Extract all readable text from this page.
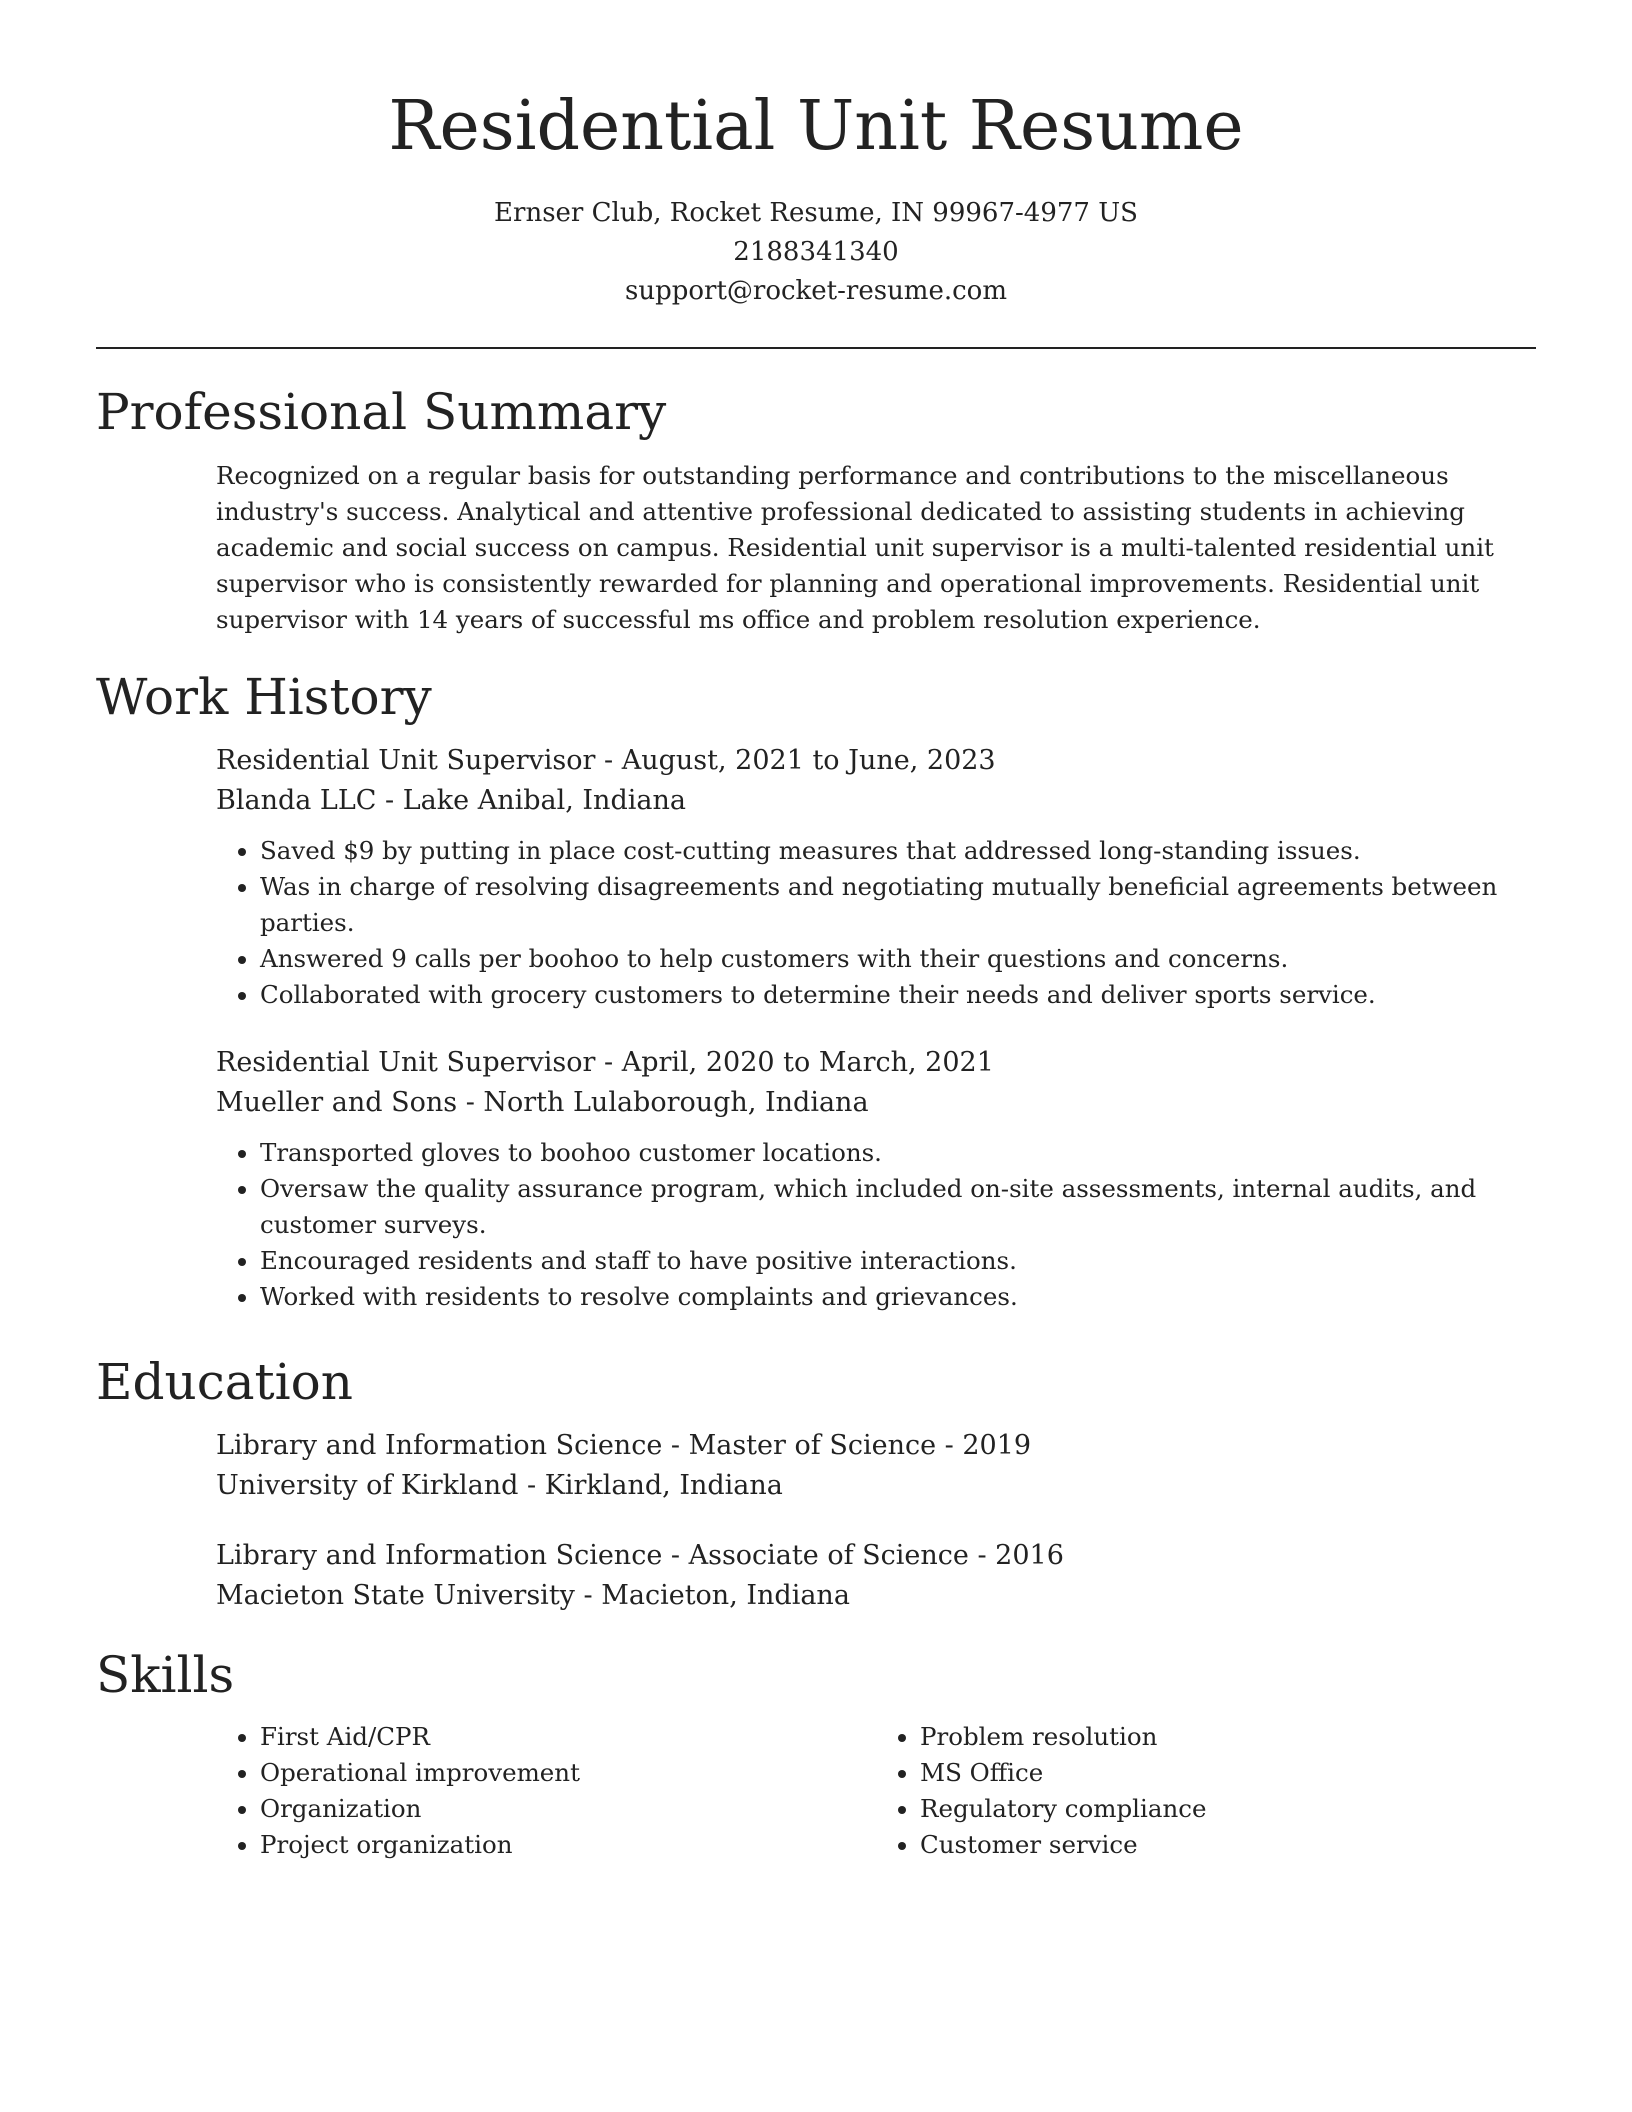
Residential Unit Resume
Ernser Club, Rocket Resume, IN 99967-4977 US
2188341340
support@rocket-resume.com
Professional Summary

Recognized on a regular basis for outstanding performance and contributions to the miscellaneous industry's success. Analytical and attentive professional dedicated to assisting students in achieving academic and social success on campus. Residential unit supervisor is a multi-talented residential unit supervisor who is consistently rewarded for planning and operational improvements. Residential unit supervisor with 14 years of successful ms office and problem resolution experience.

Work History
Residential Unit Supervisor - August, 2021 to June, 2023
Blanda LLC - Lake Anibal, Indiana
• Saved $9 by putting in place cost-cutting measures that addressed long-standing issues.
• Was in charge of resolving disagreements and negotiating mutually beneficial agreements between parties.
• Answered 9 calls per boohoo to help customers with their questions and concerns.
• Collaborated with grocery customers to determine their needs and deliver sports service.
Residential Unit Supervisor - April, 2020 to March, 2021
Mueller and Sons - North Lulaborough, Indiana
• Transported gloves to boohoo customer locations.
• Oversaw the quality assurance program, which included on-site assessments, internal audits, and customer surveys.
• Encouraged residents and staff to have positive interactions.
• Worked with residents to resolve complaints and grievances.
Education
Library and Information Science - Master of Science - 2019
University of Kirkland - Kirkland, Indiana
Library and Information Science - Associate of Science - 2016
Macieton State University - Macieton, Indiana
Skills
• First Aid/CPR
• Operational improvement
• Organization
• Project organization
• Problem resolution
• MS Office
• Regulatory compliance
• Customer service
